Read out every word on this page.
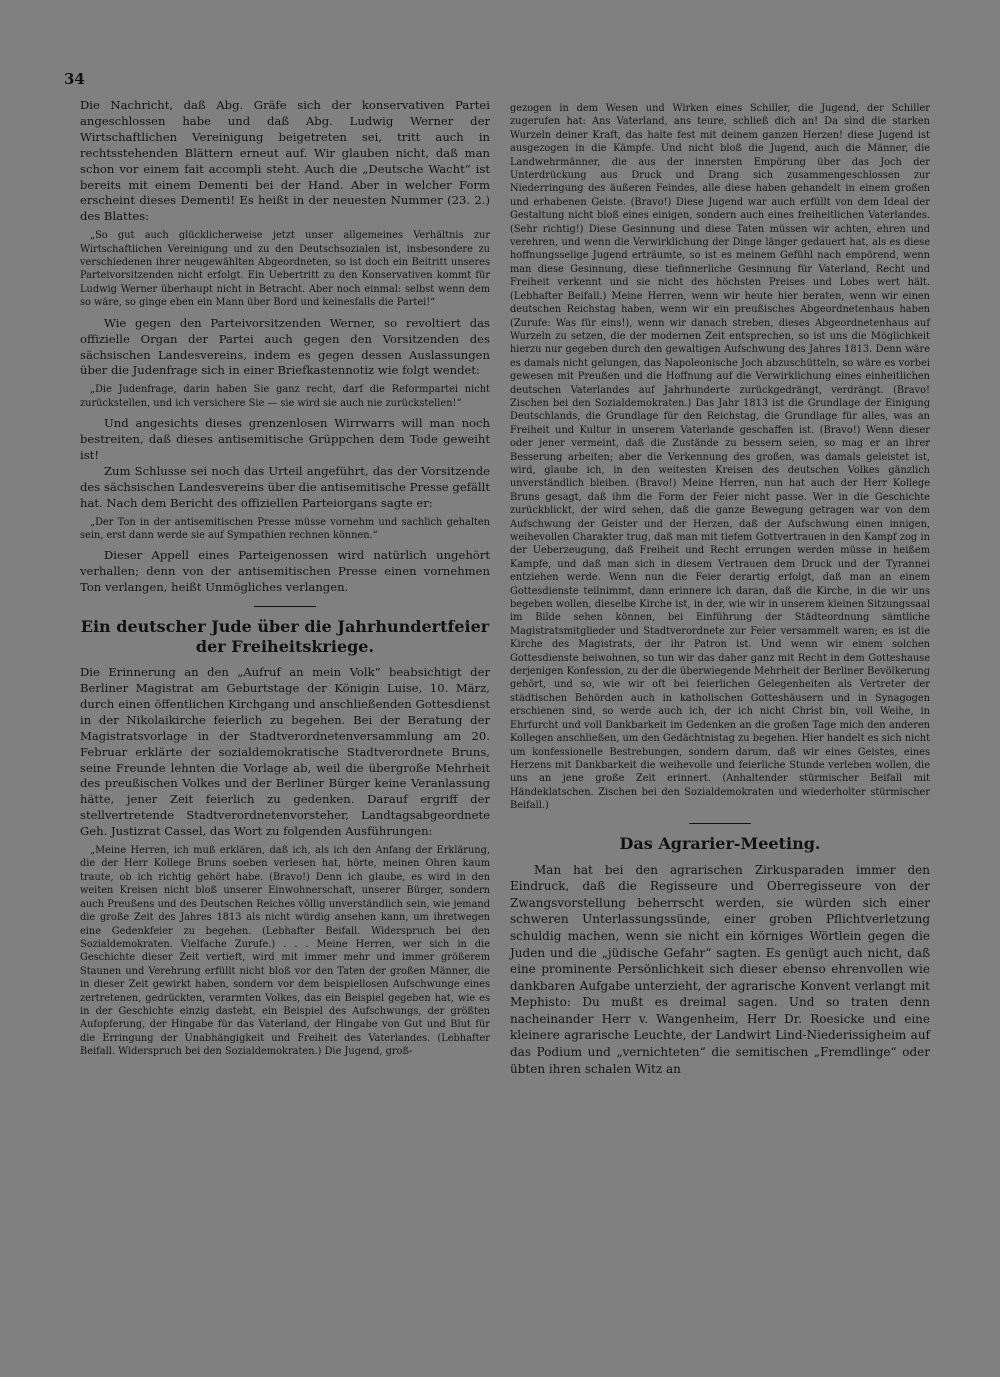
34

Die Nachricht, daß Abg. Gräfe sich der konservativen Partei angeschlossen habe und daß Abg. Ludwig Werner der Wirtschaftlichen Vereinigung beigetreten sei, tritt auch in rechtsstehenden Blättern erneut auf. Wir glauben nicht, daß man schon vor einem fait accompli steht. Auch die „Deutsche Wacht“ ist bereits mit einem Dementi bei der Hand. Aber in welcher Form erscheint dieses Dementi! Es heißt in der neuesten Nummer (23. 2.) des Blattes:

„So gut auch glücklicherweise jetzt unser allgemeines Verhältnis zur Wirtschaftlichen Vereinigung und zu den Deutschsozialen ist, insbesondere zu verschiedenen ihrer neugewählten Abgeordneten, so ist doch ein Beitritt unseres Parteivorsitzenden nicht erfolgt. Ein Uebertritt zu den Konservativen kommt für Ludwig Werner überhaupt nicht in Betracht. Aber noch einmal: selbst wenn dem so wäre, so ginge eben ein Mann über Bord und keinesfalls die Partei!“

Wie gegen den Parteivorsitzenden Werner, so revoltiert das offizielle Organ der Partei auch gegen den Vorsitzenden des sächsischen Landesvereins, indem es gegen dessen Auslassungen über die Judenfrage sich in einer Briefkastennotiz wie folgt wendet:

„Die Judenfrage, darin haben Sie ganz recht, darf die Reformpartei nicht zurückstellen, und ich versichere Sie — sie wird sie auch nie zurückstellen!“

Und angesichts dieses grenzenlosen Wirrwarrs will man noch bestreiten, daß dieses antisemitische Grüppchen dem Tode geweiht ist!

Zum Schlusse sei noch das Urteil angeführt, das der Vorsitzende des sächsischen Landesvereins über die antisemitische Presse gefällt hat. Nach dem Bericht des offiziellen Parteiorgans sagte er:

„Der Ton in der antisemitischen Presse müsse vornehm und sachlich gehalten sein, erst dann werde sie auf Sympathien rechnen können.“

Dieser Appell eines Parteigenossen wird natürlich ungehört verhallen; denn von der antisemitischen Presse einen vornehmen Ton verlangen, heißt Unmögliches verlangen.

Ein deutscher Jude über die Jahrhundertfeier der Freiheitskriege.

Die Erinnerung an den „Aufruf an mein Volk“ beabsichtigt der Berliner Magistrat am Geburtstage der Königin Luise, 10. März, durch einen öffentlichen Kirchgang und anschließenden Gottesdienst in der Nikolaikirche feierlich zu begehen. Bei der Beratung der Magistratsvorlage in der Stadtverordnetenversammlung am 20. Februar erklärte der sozialdemokratische Stadtverordnete Bruns, seine Freunde lehnten die Vorlage ab, weil die übergroße Mehrheit des preußischen Volkes und der Berliner Bürger keine Veranlassung hätte, jener Zeit feierlich zu gedenken. Darauf ergriff der stellvertretende Stadtverordnetenvorsteher, Landtagsabgeordnete Geh. Justizrat Cassel, das Wort zu folgenden Ausführungen:

„Meine Herren, ich muß erklären, daß ich, als ich den Anfang der Erklärung, die der Herr Kollege Bruns soeben verlesen hat, hörte, meinen Ohren kaum traute, ob ich richtig gehört habe. (Bravo!) Denn ich glaube, es wird in den weiten Kreisen nicht bloß unserer Einwohnerschaft, unserer Bürger, sondern auch Preußens und des Deutschen Reiches völlig unverständlich sein, wie jemand die große Zeit des Jahres 1813 als nicht würdig ansehen kann, um ihretwegen eine Gedenkfeier zu begehen. (Lebhafter Beifall. Widerspruch bei den Sozialdemokraten. Vielfache Zurufe.) . . . Meine Herren, wer sich in die Geschichte dieser Zeit vertieft, wird mit immer mehr und immer größerem Staunen und Verehrung erfüllt nicht bloß vor den Taten der großen Männer, die in dieser Zeit gewirkt haben, sondern vor dem beispiellosen Aufschwunge eines zertretenen, gedrückten, verarmten Volkes, das ein Beispiel gegeben hat, wie es in der Geschichte einzig dasteht, ein Beispiel des Aufschwungs, der größten Aufopferung, der Hingabe für das Vaterland, der Hingabe von Gut und Blut für die Erringung der Unabhängigkeit und Freiheit des Vaterlandes. (Lebhafter Beifall. Widerspruch bei den Sozialdemokraten.) Die Jugend, groß-

gezogen in dem Wesen und Wirken eines Schiller, die Jugend, der Schiller zugerufen hat: Ans Vaterland, ans teure, schließ dich an! Da sind die starken Wurzeln deiner Kraft, das halte fest mit deinem ganzen Herzen! diese Jugend ist ausgezogen in die Kämpfe. Und nicht bloß die Jugend, auch die Männer, die Landwehrmänner, die aus der innersten Empörung über das Joch der Unterdrückung aus Druck und Drang sich zusammengeschlossen zur Niederringung des äußeren Feindes, alle diese haben gehandelt in einem großen und erhabenen Geiste. (Bravo!) Diese Jugend war auch erfüllt von dem Ideal der Gestaltung nicht bloß eines einigen, sondern auch eines freiheitlichen Vaterlandes. (Sehr richtig!) Diese Gesinnung und diese Taten müssen wir achten, ehren und verehren, und wenn die Verwirklichung der Dinge länger gedauert hat, als es diese hoffnungsselige Jugend erträumte, so ist es meinem Gefühl nach empörend, wenn man diese Gesinnung, diese tiefinnerliche Gesinnung für Vaterland, Recht und Freiheit verkennt und sie nicht des höchsten Preises und Lobes wert hält. (Lebhafter Beifall.) Meine Herren, wenn wir heute hier beraten, wenn wir einen deutschen Reichstag haben, wenn wir ein preußisches Abgeordnetenhaus haben (Zurufe: Was für eins!), wenn wir danach streben, dieses Abgeordnetenhaus auf Wurzeln zu setzen, die der modernen Zeit entsprechen, so ist uns die Möglichkeit hierzu nur gegeben durch den gewaltigen Aufschwung des Jahres 1813. Denn wäre es damals nicht gelungen, das Napoleonische Joch abzuschütteln, so wäre es vorbei gewesen mit Preußen und die Hoffnung auf die Verwirklichung eines einheitlichen deutschen Vaterlandes auf Jahrhunderte zurückgedrängt, verdrängt. (Bravo! Zischen bei den Sozialdemokraten.) Das Jahr 1813 ist die Grundlage der Einigung Deutschlands, die Grundlage für den Reichstag, die Grundlage für alles, was an Freiheit und Kultur in unserem Vaterlande geschaffen ist. (Bravo!) Wenn dieser oder jener vermeint, daß die Zustände zu bessern seien, so mag er an ihrer Besserung arbeiten; aber die Verkennung des großen, was damals geleistet ist, wird, glaube ich, in den weitesten Kreisen des deutschen Volkes gänzlich unverständlich bleiben. (Bravo!) Meine Herren, nun hat auch der Herr Kollege Bruns gesagt, daß ihm die Form der Feier nicht passe. Wer in die Geschichte zurückblickt, der wird sehen, daß die ganze Bewegung getragen war von dem Aufschwung der Geister und der Herzen, daß der Aufschwung einen innigen, weihevollen Charakter trug, daß man mit tiefem Gottvertrauen in den Kampf zog in der Ueberzeugung, daß Freiheit und Recht errungen werden müsse in heißem Kampfe, und daß man sich in diesem Vertrauen dem Druck und der Tyrannei entziehen werde. Wenn nun die Feier derartig erfolgt, daß man an einem Gottesdienste teilnimmt, dann erinnere ich daran, daß die Kirche, in die wir uns begeben wollen, dieselbe Kirche ist, in der, wie wir in unserem kleinen Sitzungssaal im Bilde sehen können, bei Einführung der Städteordnung sämtliche Magistratsmitglieder und Stadtverordnete zur Feier versammelt waren; es ist die Kirche des Magistrats, der ihr Patron ist. Und wenn wir einem solchen Gottesdienste beiwohnen, so tun wir das daher ganz mit Recht in dem Gotteshause derjenigen Konfession, zu der die überwiegende Mehrheit der Berliner Bevölkerung gehört, und so, wie wir oft bei feierlichen Gelegenheiten als Vertreter der städtischen Behörden auch in katholischen Gotteshäusern und in Synagogen erschienen sind, so werde auch ich, der ich nicht Christ bin, voll Weihe, in Ehrfurcht und voll Dankbarkeit im Gedenken an die großen Tage mich den anderen Kollegen anschließen, um den Gedächtnistag zu begehen. Hier handelt es sich nicht um konfessionelle Bestrebungen, sondern darum, daß wir eines Geistes, eines Herzens mit Dankbarkeit die weihevolle und feierliche Stunde verleben wollen, die uns an jene große Zeit erinnert. (Anhaltender stürmischer Beifall mit Händeklatschen. Zischen bei den Sozialdemokraten und wiederholter stürmischer Beifall.)

Das Agrarier-Meeting.

Man hat bei den agrarischen Zirkusparaden immer den Eindruck, daß die Regisseure und Oberregisseure von der Zwangsvorstellung beherrscht werden, sie würden sich einer schweren Unterlassungssünde, einer groben Pflichtverletzung schuldig machen, wenn sie nicht ein körniges Wörtlein gegen die Juden und die „jüdische Gefahr“ sagten. Es genügt auch nicht, daß eine prominente Persönlichkeit sich dieser ebenso ehrenvollen wie dankbaren Aufgabe unterzieht, der agrarische Konvent verlangt mit Mephisto: Du mußt es dreimal sagen. Und so traten denn nacheinander Herr v. Wangenheim, Herr Dr. Roesicke und eine kleinere agrarische Leuchte, der Landwirt Lind-Niederissigheim auf das Podium und „vernichteten“ die semitischen „Fremdlinge“ oder übten ihren schalen Witz an
